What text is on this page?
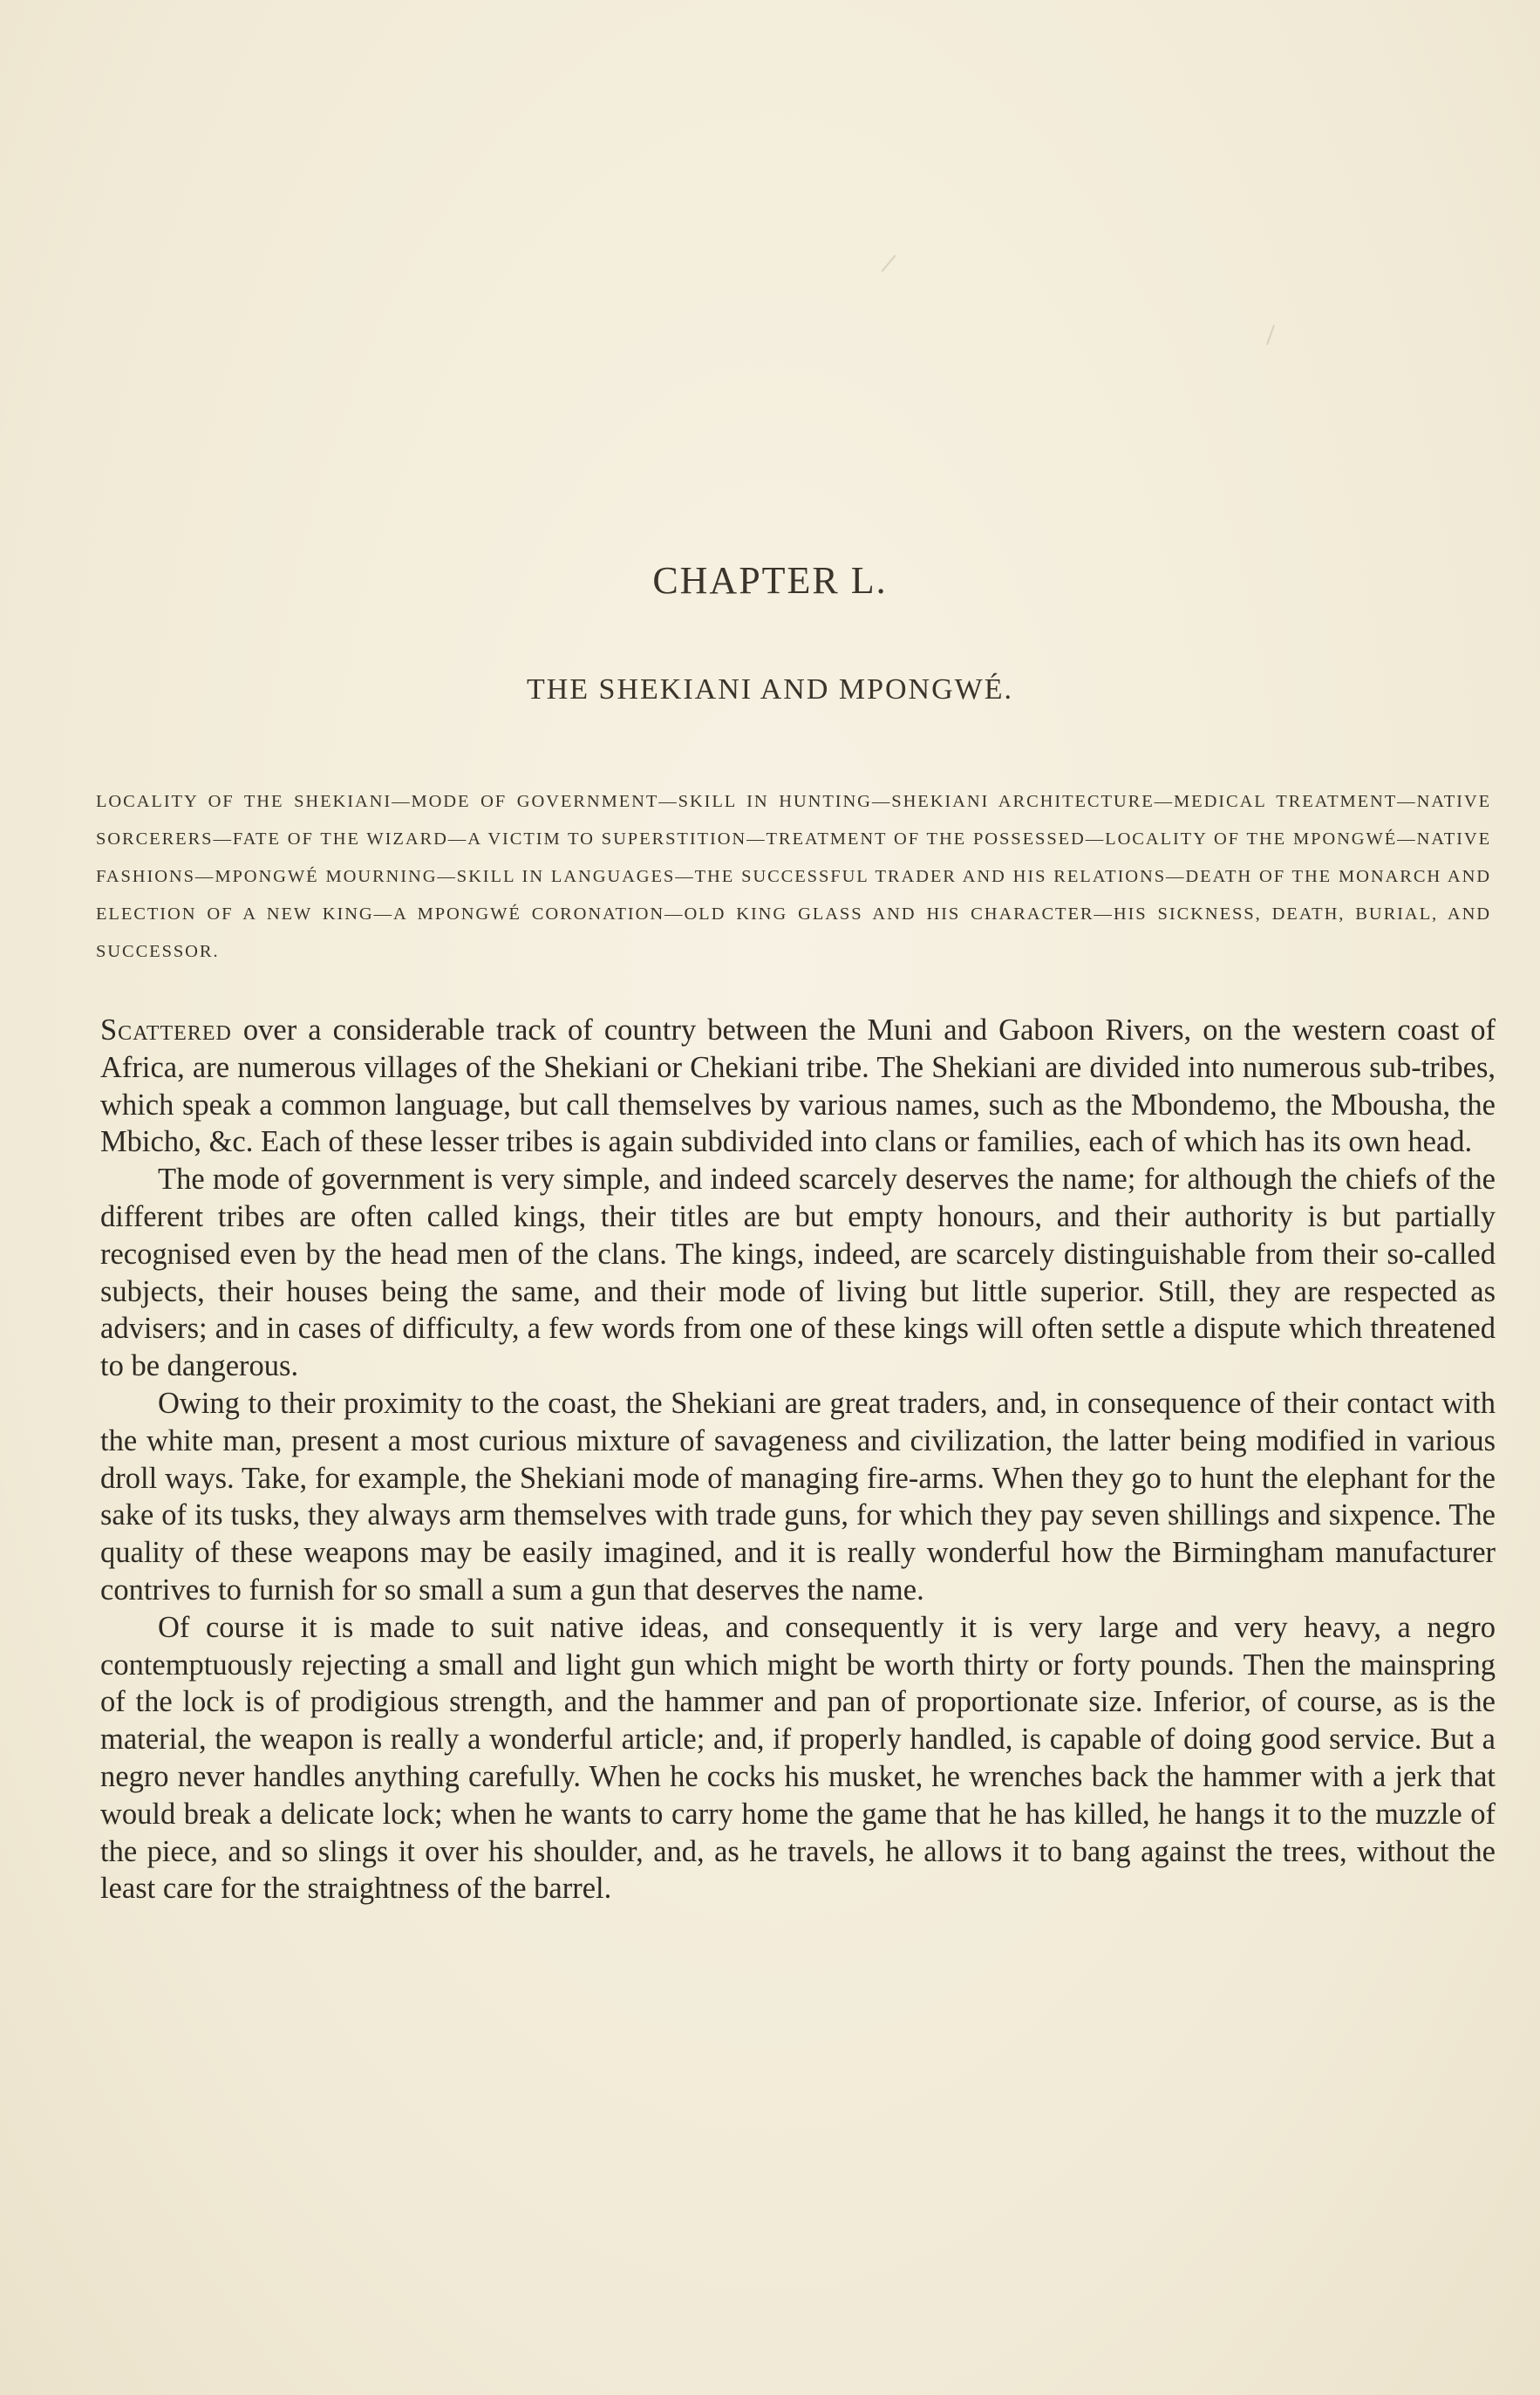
CHAPTER L.
THE SHEKIANI AND MPONGWÉ.
LOCALITY OF THE SHEKIANI—MODE OF GOVERNMENT—SKILL IN HUNTING—SHEKIANI ARCHITECTURE—MEDICAL TREATMENT—NATIVE SORCERERS—FATE OF THE WIZARD—A VICTIM TO SUPERSTITION—TREATMENT OF THE POSSESSED—LOCALITY OF THE MPONGWÉ—NATIVE FASHIONS—MPONGWÉ MOURNING—SKILL IN LANGUAGES—THE SUCCESSFUL TRADER AND HIS RELATIONS—DEATH OF THE MONARCH AND ELECTION OF A NEW KING—A MPONGWÉ CORONATION—OLD KING GLASS AND HIS CHARACTER—HIS SICKNESS, DEATH, BURIAL, AND SUCCESSOR.

Scattered over a considerable track of country between the Muni and Gaboon Rivers, on the western coast of Africa, are numerous villages of the Shekiani or Chekiani tribe. The Shekiani are divided into numerous sub-tribes, which speak a common language, but call themselves by various names, such as the Mbondemo, the Mbousha, the Mbicho, &c. Each of these lesser tribes is again subdivided into clans or families, each of which has its own head.

The mode of government is very simple, and indeed scarcely deserves the name; for although the chiefs of the different tribes are often called kings, their titles are but empty honours, and their authority is but partially recognised even by the head men of the clans. The kings, indeed, are scarcely distinguishable from their so-called subjects, their houses being the same, and their mode of living but little superior. Still, they are respected as advisers; and in cases of difficulty, a few words from one of these kings will often settle a dispute which threatened to be dangerous.

Owing to their proximity to the coast, the Shekiani are great traders, and, in consequence of their contact with the white man, present a most curious mixture of savageness and civilization, the latter being modified in various droll ways. Take, for example, the Shekiani mode of managing fire-arms. When they go to hunt the elephant for the sake of its tusks, they always arm themselves with trade guns, for which they pay seven shillings and sixpence. The quality of these weapons may be easily imagined, and it is really wonderful how the Birmingham manufacturer contrives to furnish for so small a sum a gun that deserves the name.

Of course it is made to suit native ideas, and consequently it is very large and very heavy, a negro contemptuously rejecting a small and light gun which might be worth thirty or forty pounds. Then the mainspring of the lock is of prodigious strength, and the hammer and pan of proportionate size. Inferior, of course, as is the material, the weapon is really a wonderful article; and, if properly handled, is capable of doing good service. But a negro never handles anything carefully. When he cocks his musket, he wrenches back the hammer with a jerk that would break a delicate lock; when he wants to carry home the game that he has killed, he hangs it to the muzzle of the piece, and so slings it over his shoulder, and, as he travels, he allows it to bang against the trees, without the least care for the straightness of the barrel.
